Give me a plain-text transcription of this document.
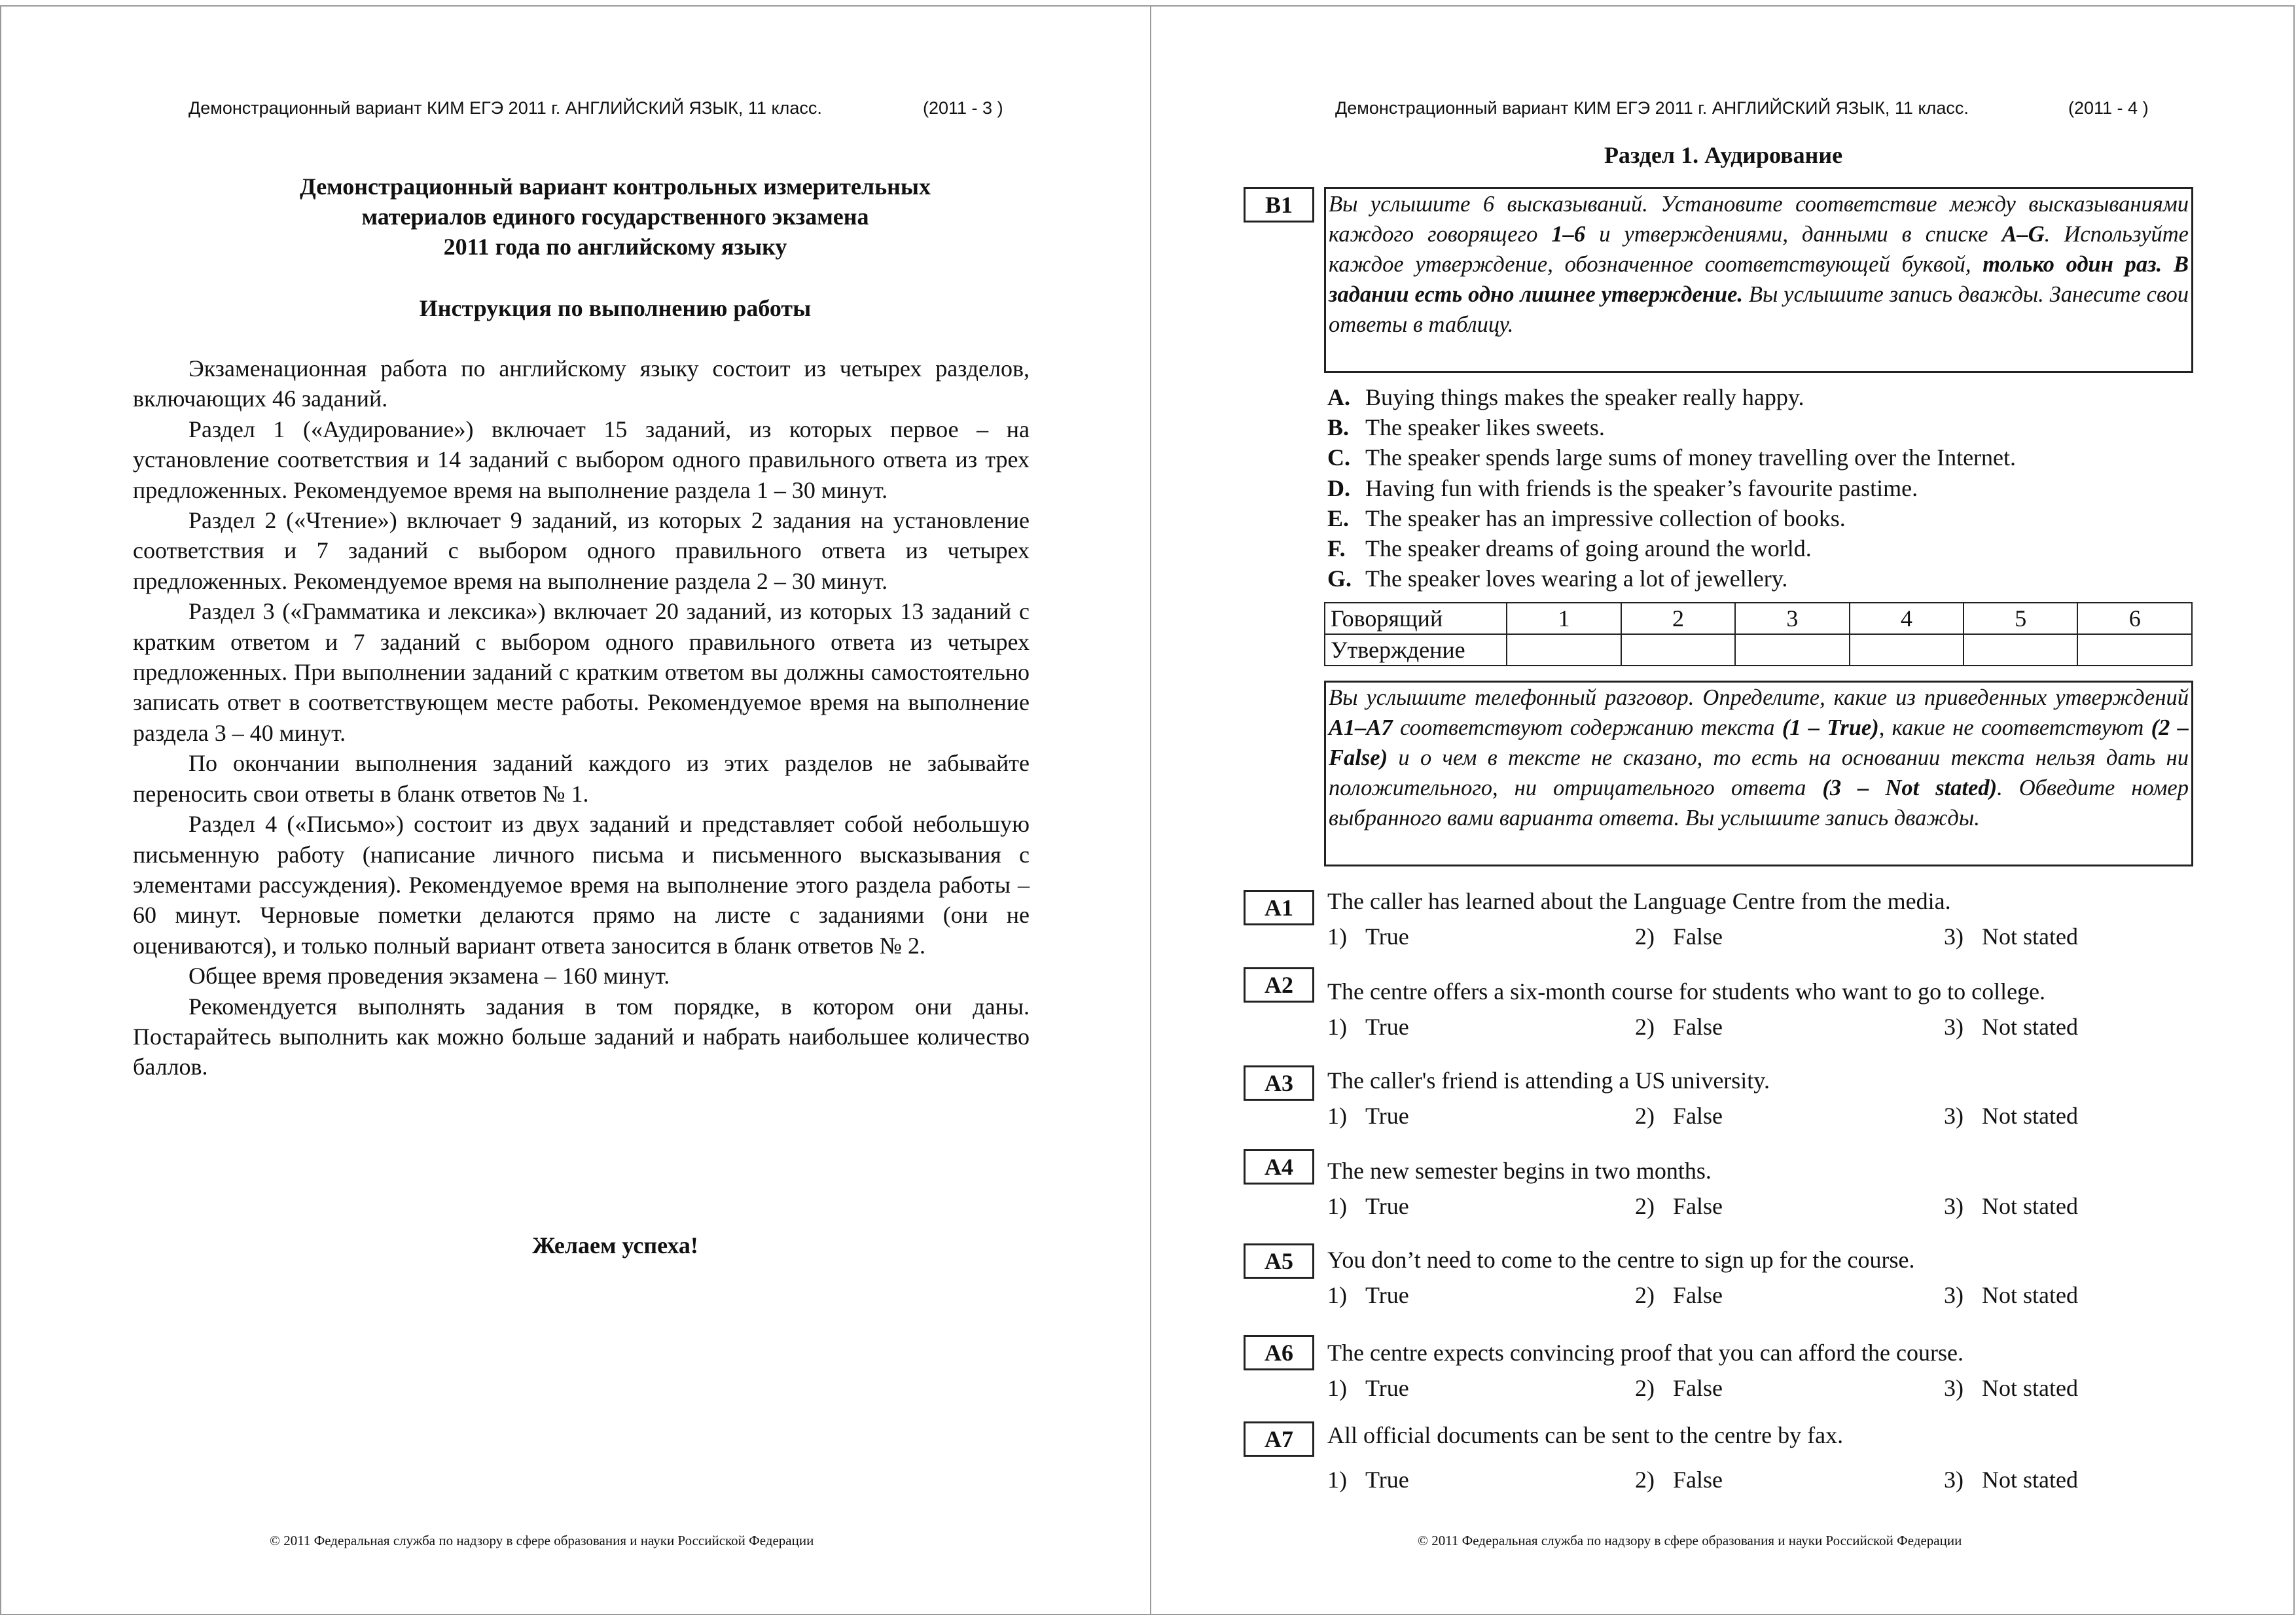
Демонстрационный вариант КИМ ЕГЭ 2011 г. АНГЛИЙСКИЙ ЯЗЫК, 11 класс.	(2011 - 3 )
Демонстрационный вариант контрольных измерительных
материалов единого государственного экзамена
2011 года по английскому языку
Инструкция по выполнению работы

Экзаменационная работа по английскому языку состоит из четырех разделов, включающих 46 заданий.

Раздел 1 («Аудирование») включает 15 заданий, из которых первое – на установление соответствия и 14 заданий с выбором одного правильного ответа из трех предложенных. Рекомендуемое время на выполнение раздела 1 – 30 минут.

Раздел 2 («Чтение») включает 9 заданий, из которых 2 задания на установление соответствия и 7 заданий с выбором одного правильного ответа из четырех предложенных. Рекомендуемое время на выполнение раздела 2 – 30 минут.

Раздел 3 («Грамматика и лексика») включает 20 заданий, из которых 13 заданий с кратким ответом и 7 заданий с выбором одного правильного ответа из четырех предложенных. При выполнении заданий с кратким ответом вы должны самостоятельно записать ответ в соответствующем месте работы. Рекомендуемое время на выполнение раздела 3 – 40 минут.

По окончании выполнения заданий каждого из этих разделов не забывайте переносить свои ответы в бланк ответов № 1.

Раздел 4 («Письмо») состоит из двух заданий и представляет собой небольшую письменную работу (написание личного письма и письменного высказывания с элементами рассуждения). Рекомендуемое время на выполнение этого раздела работы – 60 минут. Черновые пометки делаются прямо на листе с заданиями (они не оцениваются), и только полный вариант ответа заносится в бланк ответов № 2.

Общее время проведения экзамена – 160 минут.

Рекомендуется выполнять задания в том порядке, в котором они даны. Постарайтесь выполнить как можно больше заданий и набрать наибольшее количество баллов.

Желаем успеха!
© 2011 Федеральная служба по надзору в сфере образования и науки Российской Федерации
Демонстрационный вариант КИМ ЕГЭ 2011 г. АНГЛИЙСКИЙ ЯЗЫК, 11 класс.	(2011 - 4 )
Раздел 1. Аудирование
B1	Вы услышите 6 высказываний. Установите соответствие между высказываниями каждого говорящего 1–6 и утверждениями, данными в списке A–G. Используйте каждое утверждение, обозначенное соответствующей буквой, только один раз. В задании есть одно лишнее утверждение. Вы услышите запись дважды. Занесите свои ответы в таблицу.

A. Buying things makes the speaker really happy.
B. The speaker likes sweets.
C. The speaker spends large sums of money travelling over the Internet.
D. Having fun with friends is the speaker’s favourite pastime.
E. The speaker has an impressive collection of books.
F. The speaker dreams of going around the world.
G. The speaker loves wearing a lot of jewellery.
Говорящий	1	2	3	4	5	6
Утверждение						

Вы услышите телефонный разговор. Определите, какие из приведенных утверждений A1–A7 соответствуют содержанию текста (1 – True), какие не соответствуют (2 – False) и о чем в тексте не сказано, то есть на основании текста нельзя дать ни положительного, ни отрицательного ответа (3 – Not stated). Обведите номер выбранного вами варианта ответа. Вы услышите запись дважды.

A1	The caller has learned about the Language Centre from the media.
1) True	2) False	3) Not stated
A2	The centre offers a six-month course for students who want to go to college.
1) True	2) False	3) Not stated
A3	The caller's friend is attending a US university.
1) True	2) False	3) Not stated
A4	The new semester begins in two months.
1) True	2) False	3) Not stated
A5	You don’t need to come to the centre to sign up for the course.
1) True	2) False	3) Not stated
A6	The centre expects convincing proof that you can afford the course.
1) True	2) False	3) Not stated
A7	All official documents can be sent to the centre by fax.
1) True	2) False	3) Not stated
© 2011 Федеральная служба по надзору в сфере образования и науки Российской Федерации
